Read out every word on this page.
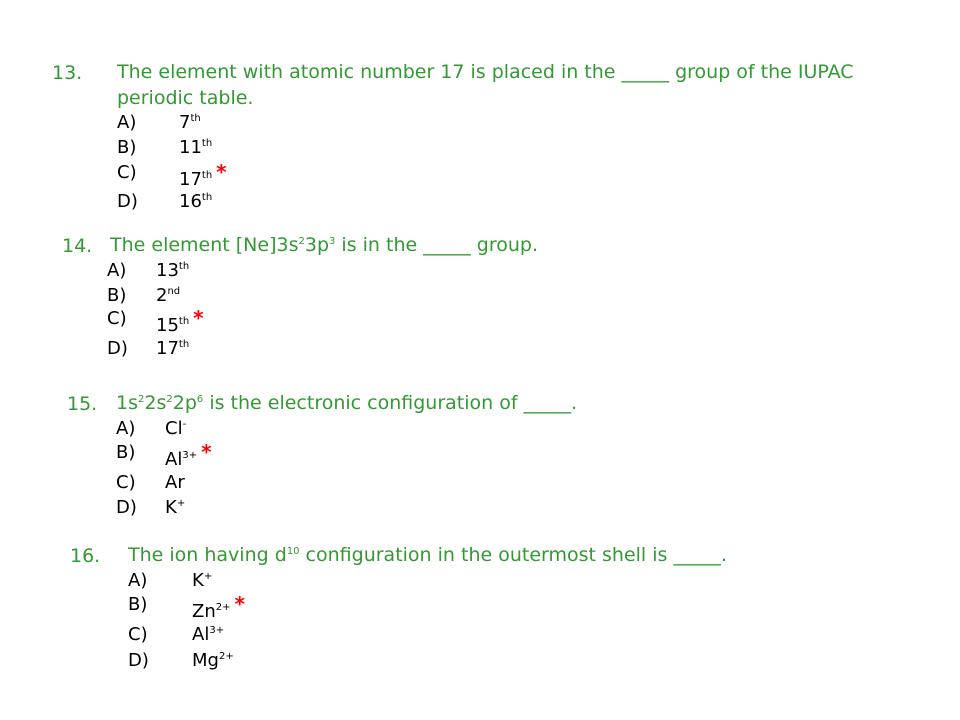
13. The element with atomic number 17 is placed in the _____ group of the IUPAC periodic table.
A) 7th
B) 11th
C) 17th *
D) 16th
14. The element $[Ne]3s^23p^3$ is in the _____ group.
A) 13th
B) 2nd
C) 15th *
D) 17th
15. $1s^22s^22p^6$ is the electronic configuration of _____.
A) Cl-
B) $Al^{3+}$ *
C) Ar
D) K+
16. The ion having $d^{10}$ configuration in the outermost shell is _____.
A) K+
B) $Zn^{2+}$ *
C) $Al^{3+}$
D) $Mg^{2+}$
